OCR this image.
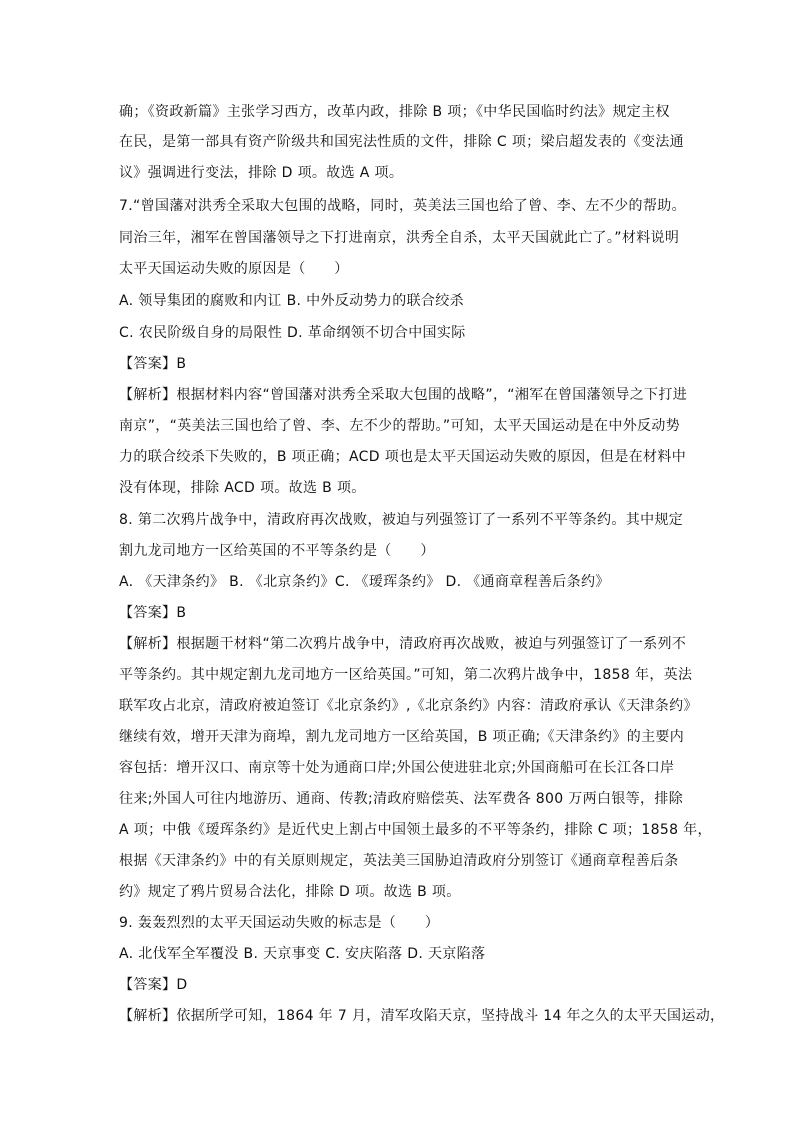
确；《资政新篇》主张学习西方，改革内政，排除 B 项；《中华民国临时约法》规定主权
在民，是第一部具有资产阶级共和国宪法性质的文件，排除 C 项；梁启超发表的《变法通
议》强调进行变法，排除 D 项。故选 A 项。
7.“曾国藩对洪秀全采取大包围的战略，同时，英美法三国也给了曾、李、左不少的帮助。
同治三年，湘军在曾国藩领导之下打进南京，洪秀全自杀，太平天国就此亡了。”材料说明
太平天国运动失败的原因是（　　）
A. 领导集团的腐败和内讧 B. 中外反动势力的联合绞杀
C. 农民阶级自身的局限性 D. 革命纲领不切合中国实际
【答案】B
【解析】根据材料内容“曾国藩对洪秀全采取大包围的战略”，“湘军在曾国藩领导之下打进
南京”，“英美法三国也给了曾、李、左不少的帮助。”可知，太平天国运动是在中外反动势
力的联合绞杀下失败的，B 项正确；ACD 项也是太平天国运动失败的原因，但是在材料中
没有体现，排除 ACD 项。故选 B 项。
8. 第二次鸦片战争中，清政府再次战败，被迫与列强签订了一系列不平等条约。其中规定
割九龙司地方一区给英国的不平等条约是（　　）
A. 《天津条约》 B. 《北京条约》C. 《瑷珲条约》 D. 《通商章程善后条约》
【答案】B
【解析】根据题干材料“第二次鸦片战争中，清政府再次战败，被迫与列强签订了一系列不
平等条约。其中规定割九龙司地方一区给英国。”可知，第二次鸦片战争中，1858 年，英法
联军攻占北京，清政府被迫签订《北京条约》,《北京条约》内容：清政府承认《天津条约》
继续有效，增开天津为商埠，割九龙司地方一区给英国，B 项正确;《天津条约》的主要内
容包括：增开汉口、南京等十处为通商口岸;外国公使进驻北京;外国商船可在长江各口岸
往来;外国人可往内地游历、通商、传教;清政府赔偿英、法军费各 800 万两白银等，排除
A 项；中俄《瑷珲条约》是近代史上割占中国领土最多的不平等条约，排除 C 项；1858 年，
根据《天津条约》中的有关原则规定，英法美三国胁迫清政府分别签订《通商章程善后条
约》规定了鸦片贸易合法化，排除 D 项。故选 B 项。
9. 轰轰烈烈的太平天国运动失败的标志是（　　）
A. 北伐军全军覆没 B. 天京事变 C. 安庆陷落 D. 天京陷落
【答案】D
【解析】依据所学可知，1864 年 7 月，清军攻陷天京，坚持战斗 14 年之久的太平天国运动，
